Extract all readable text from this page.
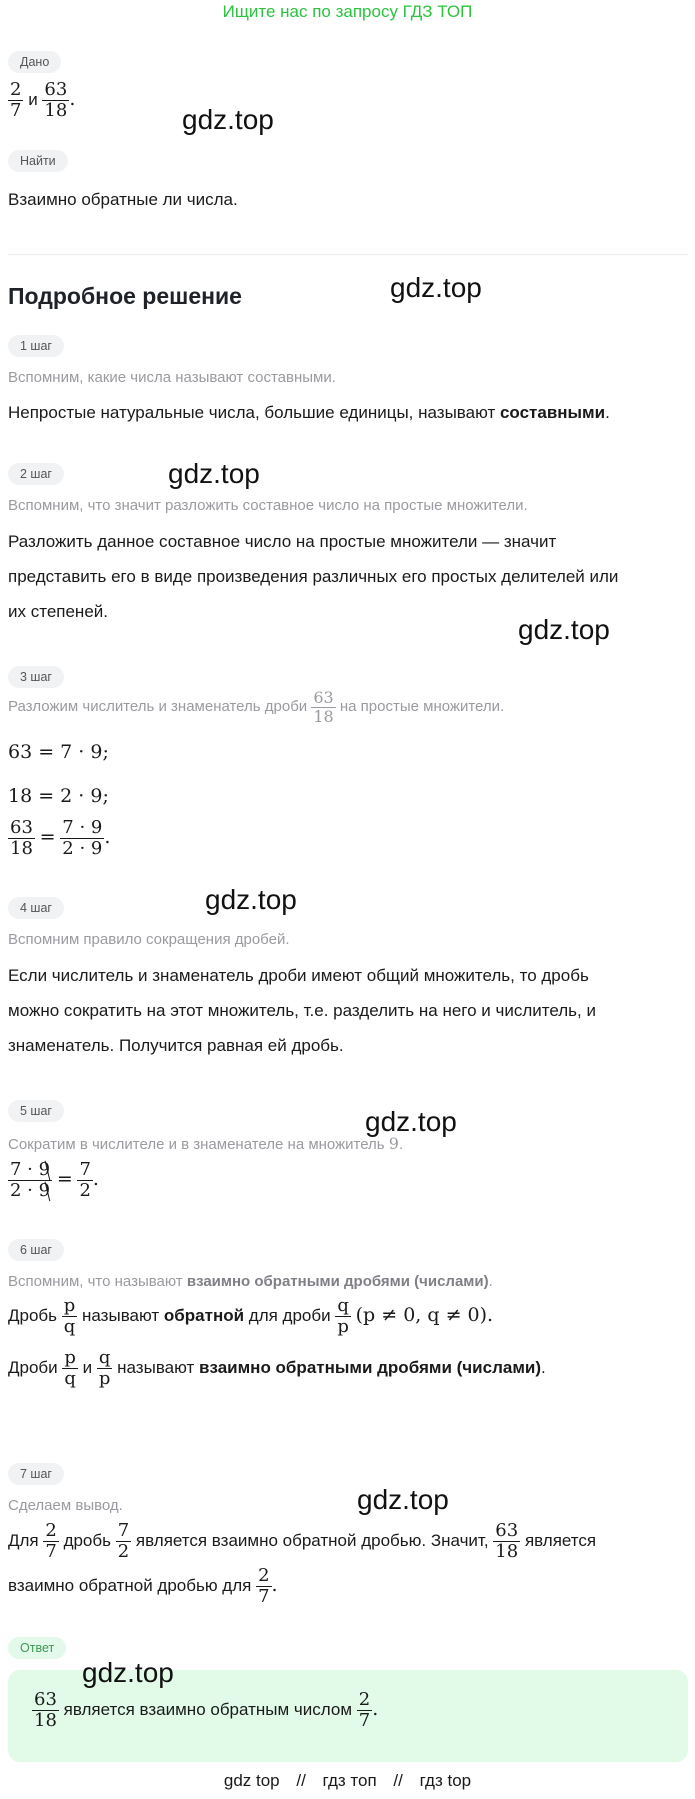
Ищите нас по запросу ГДЗ ТОП
Дано
$\frac{2}{7}$ и $\frac{63}{18}$ .
Найти
Взаимно обратные ли числа.
Подробное решение
1 шаг
Вспомним, какие числа называют составными.
Непростые натуральные числа, большие единицы, называют составными.
2 шаг
Вспомним, что значит разложить составное число на простые множители.
Разложить данное составное число на простые множители — значит
представить его в виде произведения различных его простых делителей или
их степеней.
3 шаг
Разложим числитель и знаменатель дроби $\frac{63}{18}$ на простые множители.
63 = 7 · 9;
18 = 2 · 9;
$\frac{63}{18} = \frac{7 \cdot 9}{2 \cdot 9}$ .
4 шаг
Вспомним правило сокращения дробей.
Если числитель и знаменатель дроби имеют общий множитель, то дробь
можно сократить на этот множитель, т.е. разделить на него и числитель, и
знаменатель. Получится равная ей дробь.
5 шаг
Сократим в числителе и в знаменателе на множитель 9.
$\frac{7 \cdot 9}{2 \cdot 9} = \frac{7}{2}$ .
6 шаг
Вспомним, что называют взаимно обратными дробями (числами).
Дробь $\frac{p}{q}$ называют обратной для дроби $\frac{q}{p} (p \ne 0$, q ≠ 0).
Дроби $\frac{p}{q}$ и $\frac{q}{p}$ называют взаимно обратными дробями (числами).
7 шаг
Сделаем вывод.
Для $\frac{2}{7}$ дробь $\frac{7}{2}$ является взаимно обратной дробью. Значит, $\frac{63}{18}$ является
взаимно обратной дробью для $\frac{2}{7}$ .
Ответ
$\frac{63}{18}$ является взаимно обратным числом $\frac{2}{7}$ .
gdz.top
gdz.top
gdz.top
gdz.top
gdz.top
gdz.top
gdz.top
gdz.top
gdz top // гдз топ // гдз top
